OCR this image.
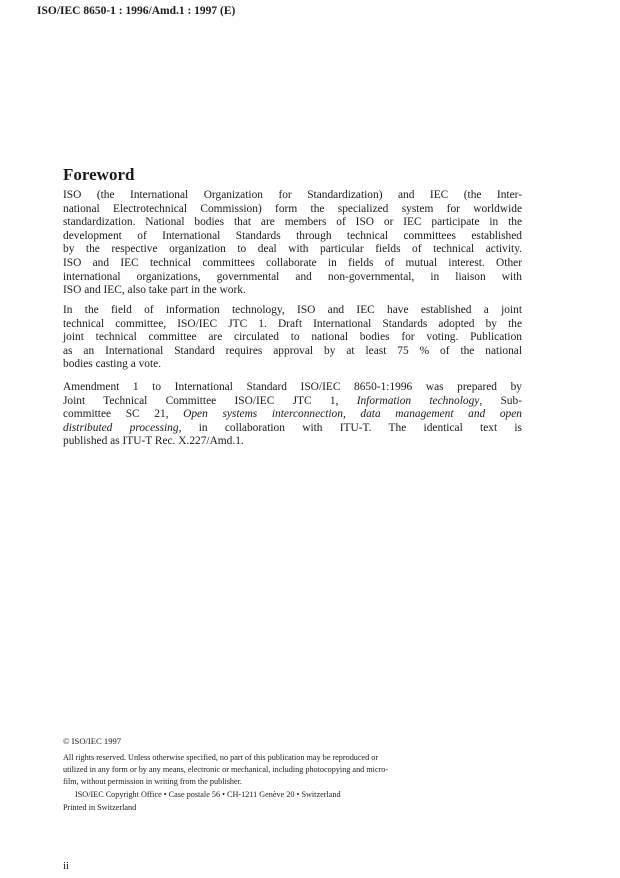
ISO/IEC 8650-1 : 1996/Amd.1 : 1997 (E)
Foreword
ISO (the International Organization for Standardization) and IEC (the Inter-
national Electrotechnical Commission) form the specialized system for worldwide
standardization. National bodies that are members of ISO or IEC participate in the
development of International Standards through technical committees established
by the respective organization to deal with particular fields of technical activity.
ISO and IEC technical committees collaborate in fields of mutual interest. Other
international organizations, governmental and non-governmental, in liaison with
ISO and IEC, also take part in the work.
In the field of information technology, ISO and IEC have established a joint
technical committee, ISO/IEC JTC 1. Draft International Standards adopted by the
joint technical committee are circulated to national bodies for voting. Publication
as an International Standard requires approval by at least 75 % of the national
bodies casting a vote.
Amendment 1 to International Standard ISO/IEC 8650-1:1996 was prepared by
Joint Technical Committee ISO/IEC JTC 1, Information technology, Sub-
committee SC 21, Open systems interconnection, data management and open
distributed processing, in collaboration with ITU-T. The identical text is
published as ITU-T Rec. X.227/Amd.1.
© ISO/IEC 1997
All rights reserved. Unless otherwise specified, no part of this publication may be reproduced or
utilized in any form or by any means, electronic or mechanical, including photocopying and micro-
film, without permission in writing from the publisher.
ISO/IEC Copyright Office • Case postale 56 • CH-1211 Genève 20 • Switzerland
Printed in Switzerland
ii
